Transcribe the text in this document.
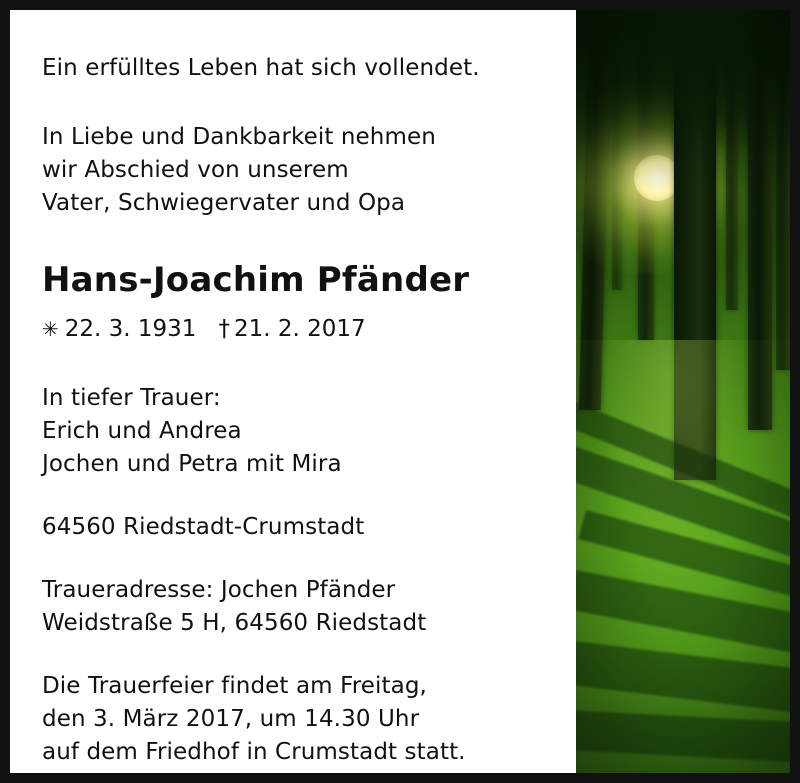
Ein erfülltes Leben hat sich vollendet.

In Liebe und Dankbarkeit nehmen
wir Abschied von unserem
Vater, Schwiegervater und Opa

Hans-Joachim Pfänder

✳ 22. 3. 1931 † 21. 2. 2017

In tiefer Trauer:
Erich und Andrea
Jochen und Petra mit Mira

64560 Riedstadt-Crumstadt

Traueradresse: Jochen Pfänder
Weidstraße 5 H, 64560 Riedstadt

Die Trauerfeier findet am Freitag,
den 3. März 2017, um 14.30 Uhr
auf dem Friedhof in Crumstadt statt.
